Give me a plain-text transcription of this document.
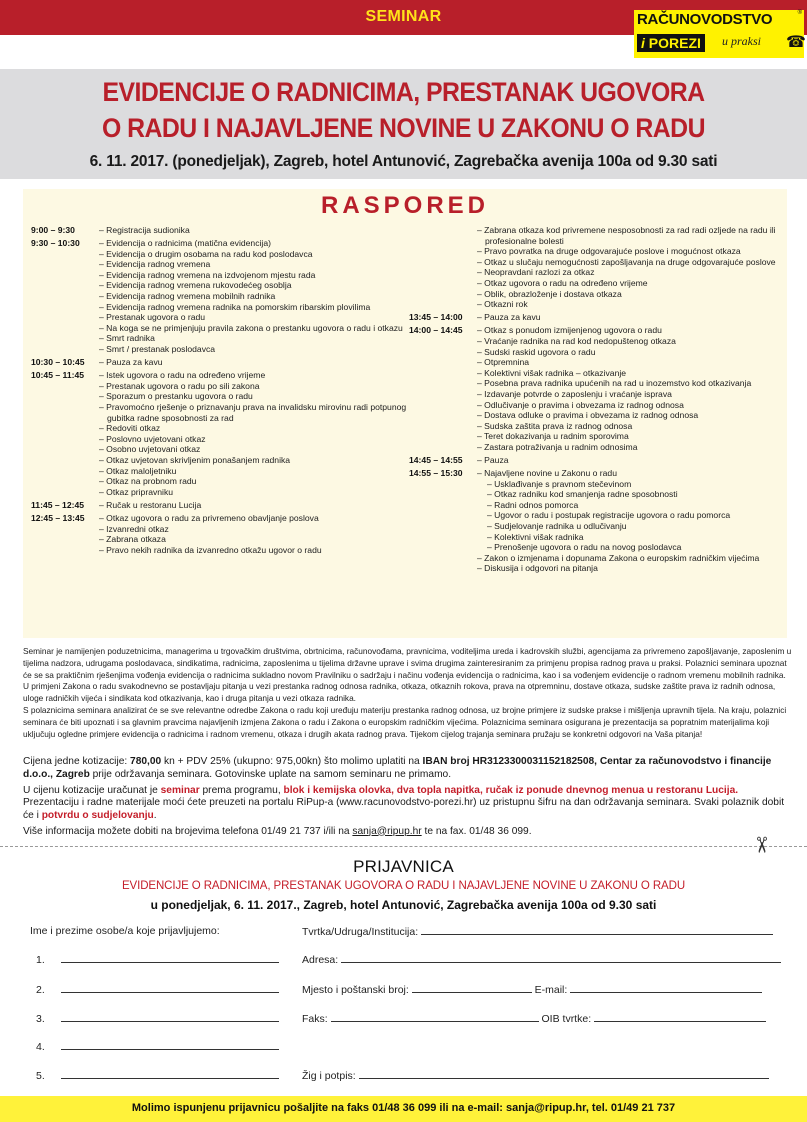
SEMINAR	RAČUNOVODSTVO	®
i POREZI	u praksi ☎
EVIDENCIJE O RADNICIMA, PRESTANAK UGOVORA
O RADU I NAJAVLJENE NOVINE U ZAKONU O RADU
6. 11. 2017. (ponedjeljak), Zagreb, hotel Antunović, Zagrebačka avenija 100a od 9.30 sati
RASPORED
9:00 – 9:30	– Registracija sudionika
9:30 – 10:30	– Evidencija o radnicima (matična evidencija)
– Evidencija o drugim osobama na radu kod poslodavca
– Evidencija radnog vremena
– Evidencija radnog vremena na izdvojenom mjestu rada
– Evidencija radnog vremena rukovodećeg osoblja
– Evidencija radnog vremena mobilnih radnika
– Evidencija radnog vremena radnika na pomorskim ribarskim plovilima
– Prestanak ugovora o radu
– Na koga se ne primjenjuju pravila zakona o prestanku ugovora o radu i otkazu
– Smrt radnika
– Smrt / prestanak poslodavca
10:30 – 10:45	– Pauza za kavu
10:45 – 11:45	– Istek ugovora o radu na određeno vrijeme
– Prestanak ugovora o radu po sili zakona
– Sporazum o prestanku ugovora o radu
– Pravomoćno rješenje o priznavanju prava na invalidsku mirovinu radi potpunog gubitka radne sposobnosti za rad
– Redoviti otkaz
– Poslovno uvjetovani otkaz
– Osobno uvjetovani otkaz
– Otkaz uvjetovan skrivljenim ponašanjem radnika
– Otkaz maloljetniku
– Otkaz na probnom radu
– Otkaz pripravniku
11:45 – 12:45	– Ručak u restoranu Lucija
12:45 – 13:45	– Otkaz ugovora o radu za privremeno obavljanje poslova
– Izvanredni otkaz
– Zabrana otkaza
– Pravo nekih radnika da izvanredno otkažu ugovor o radu
– Zabrana otkaza kod privremene nesposobnosti za rad radi ozljede na radu ili profesionalne bolesti
– Pravo povratka na druge odgovarajuće poslove i mogućnost otkaza
– Otkaz u slučaju nemogućnosti zapošljavanja na druge odgovarajuće poslove
– Neopravdani razlozi za otkaz
– Otkaz ugovora o radu na određeno vrijeme
– Oblik, obrazloženje i dostava otkaza
– Otkazni rok
13:45 – 14:00	– Pauza za kavu
14:00 – 14:45	– Otkaz s ponudom izmijenjenog ugovora o radu
– Vraćanje radnika na rad kod nedopuštenog otkaza
– Sudski raskid ugovora o radu
– Otpremnina
– Kolektivni višak radnika – otkazivanje
– Posebna prava radnika upućenih na rad u inozemstvo kod otkazivanja
– Izdavanje potvrde o zaposlenju i vraćanje isprava
– Odlučivanje o pravima i obvezama iz radnog odnosa
– Dostava odluke o pravima i obvezama iz radnog odnosa
– Sudska zaštita prava iz radnog odnosa
– Teret dokazivanja u radnim sporovima
– Zastara potraživanja u radnim odnosima
14:45 – 14:55	– Pauza
14:55 – 15:30	– Najavljene novine u Zakonu o radu
– Usklađivanje s pravnom stečevinom
– Otkaz radniku kod smanjenja radne sposobnosti
– Radni odnos pomorca
– Ugovor o radu i postupak registracije ugovora o radu pomorca
– Sudjelovanje radnika u odlučivanju
– Kolektivni višak radnika
– Prenošenje ugovora o radu na novog poslodavca
– Zakon o izmjenama i dopunama Zakona o europskim radničkim vijećima
– Diskusija i odgovori na pitanja

Seminar je namijenjen poduzetnicima, managerima u trgovačkim društvima, obrtnicima, računovođama, pravnicima, voditeljima ureda i kadrovskih službi, agencijama za privremeno zapošljavanje, zaposlenim u tijelima nadzora, udrugama poslodavaca, sindikatima, radnicima, zaposlenima u tijelima državne uprave i svima drugima zainteresiranim za primjenu propisa radnog prava u praksi. Polaznici seminara upoznat će se sa praktičnim rješenjima vođenja evidencija o radnicima sukladno novom Pravilniku o sadržaju i načinu vođenja evidencija o radnicima, kao i sa vođenjem evidencije o radnom vremenu mobilnih radnika.

U primjeni Zakona o radu svakodnevno se postavljaju pitanja u vezi prestanka radnog odnosa radnika, otkaza, otkaznih rokova, prava na otpremninu, dostave otkaza, sudske zaštite prava iz radnih odnosa, uloge radničkih vijeća i sindikata kod otkazivanja, kao i druga pitanja u vezi otkaza radnika.

S polaznicima seminara analizirat će se sve relevantne odredbe Zakona o radu koji uređuju materiju prestanka radnog odnosa, uz brojne primjere iz sudske prakse i mišljenja upravnih tijela. Na kraju, polaznici seminara će biti upoznati i sa glavnim pravcima najavljenih izmjena Zakona o radu i Zakona o europskim radničkim vijećima. Polaznicima seminara osigurana je prezentacija sa popratnim materijalima koji uključuju ogledne primjere evidencija o radnicima i radnom vremenu, otkaza i drugih akata radnog prava. Tijekom cijelog trajanja seminara pružaju se konkretni odgovori na Vaša pitanja!

Cijena jedne kotizacije: 780,00 kn + PDV 25% (ukupno: 975,00kn) što molimo uplatiti na IBAN broj HR3123300031152182508, Centar za računovodstvo i financije d.o.o., Zagreb prije održavanja seminara. Gotovinske uplate na samom seminaru ne primamo.

U cijenu kotizacije uračunat je seminar prema programu, blok i kemijska olovka, dva topla napitka, ručak iz ponude dnevnog menua u restoranu Lucija. Prezentaciju i radne materijale moći ćete preuzeti na portalu RiPup-a (www.racunovodstvo-porezi.hr) uz pristupnu šifru na dan održavanja seminara. Svaki polaznik dobit će i potvrdu o sudjelovanju.

Više informacija možete dobiti na brojevima telefona 01/49 21 737 i/ili na sanja@ripup.hr te na fax. 01/48 36 099.

✂
PRIJAVNICA
EVIDENCIJE O RADNICIMA, PRESTANAK UGOVORA O RADU I NAJAVLJENE NOVINE U ZAKONU O RADU
u ponedjeljak, 6. 11. 2017., Zagreb, hotel Antunović, Zagrebačka avenija 100a od 9.30 sati
Ime i prezime osobe/a koje prijavljujemo:	Tvrtka/Udruga/Institucija:
1.
2.
3.
4.
5.
Adresa:
Mjesto i poštanski broj:	E-mail:
Faks:	OIB tvrtke:
Žig i potpis:
Molimo ispunjenu prijavnicu pošaljite na faks 01/48 36 099 ili na e-mail: sanja@ripup.hr, tel. 01/49 21 737
